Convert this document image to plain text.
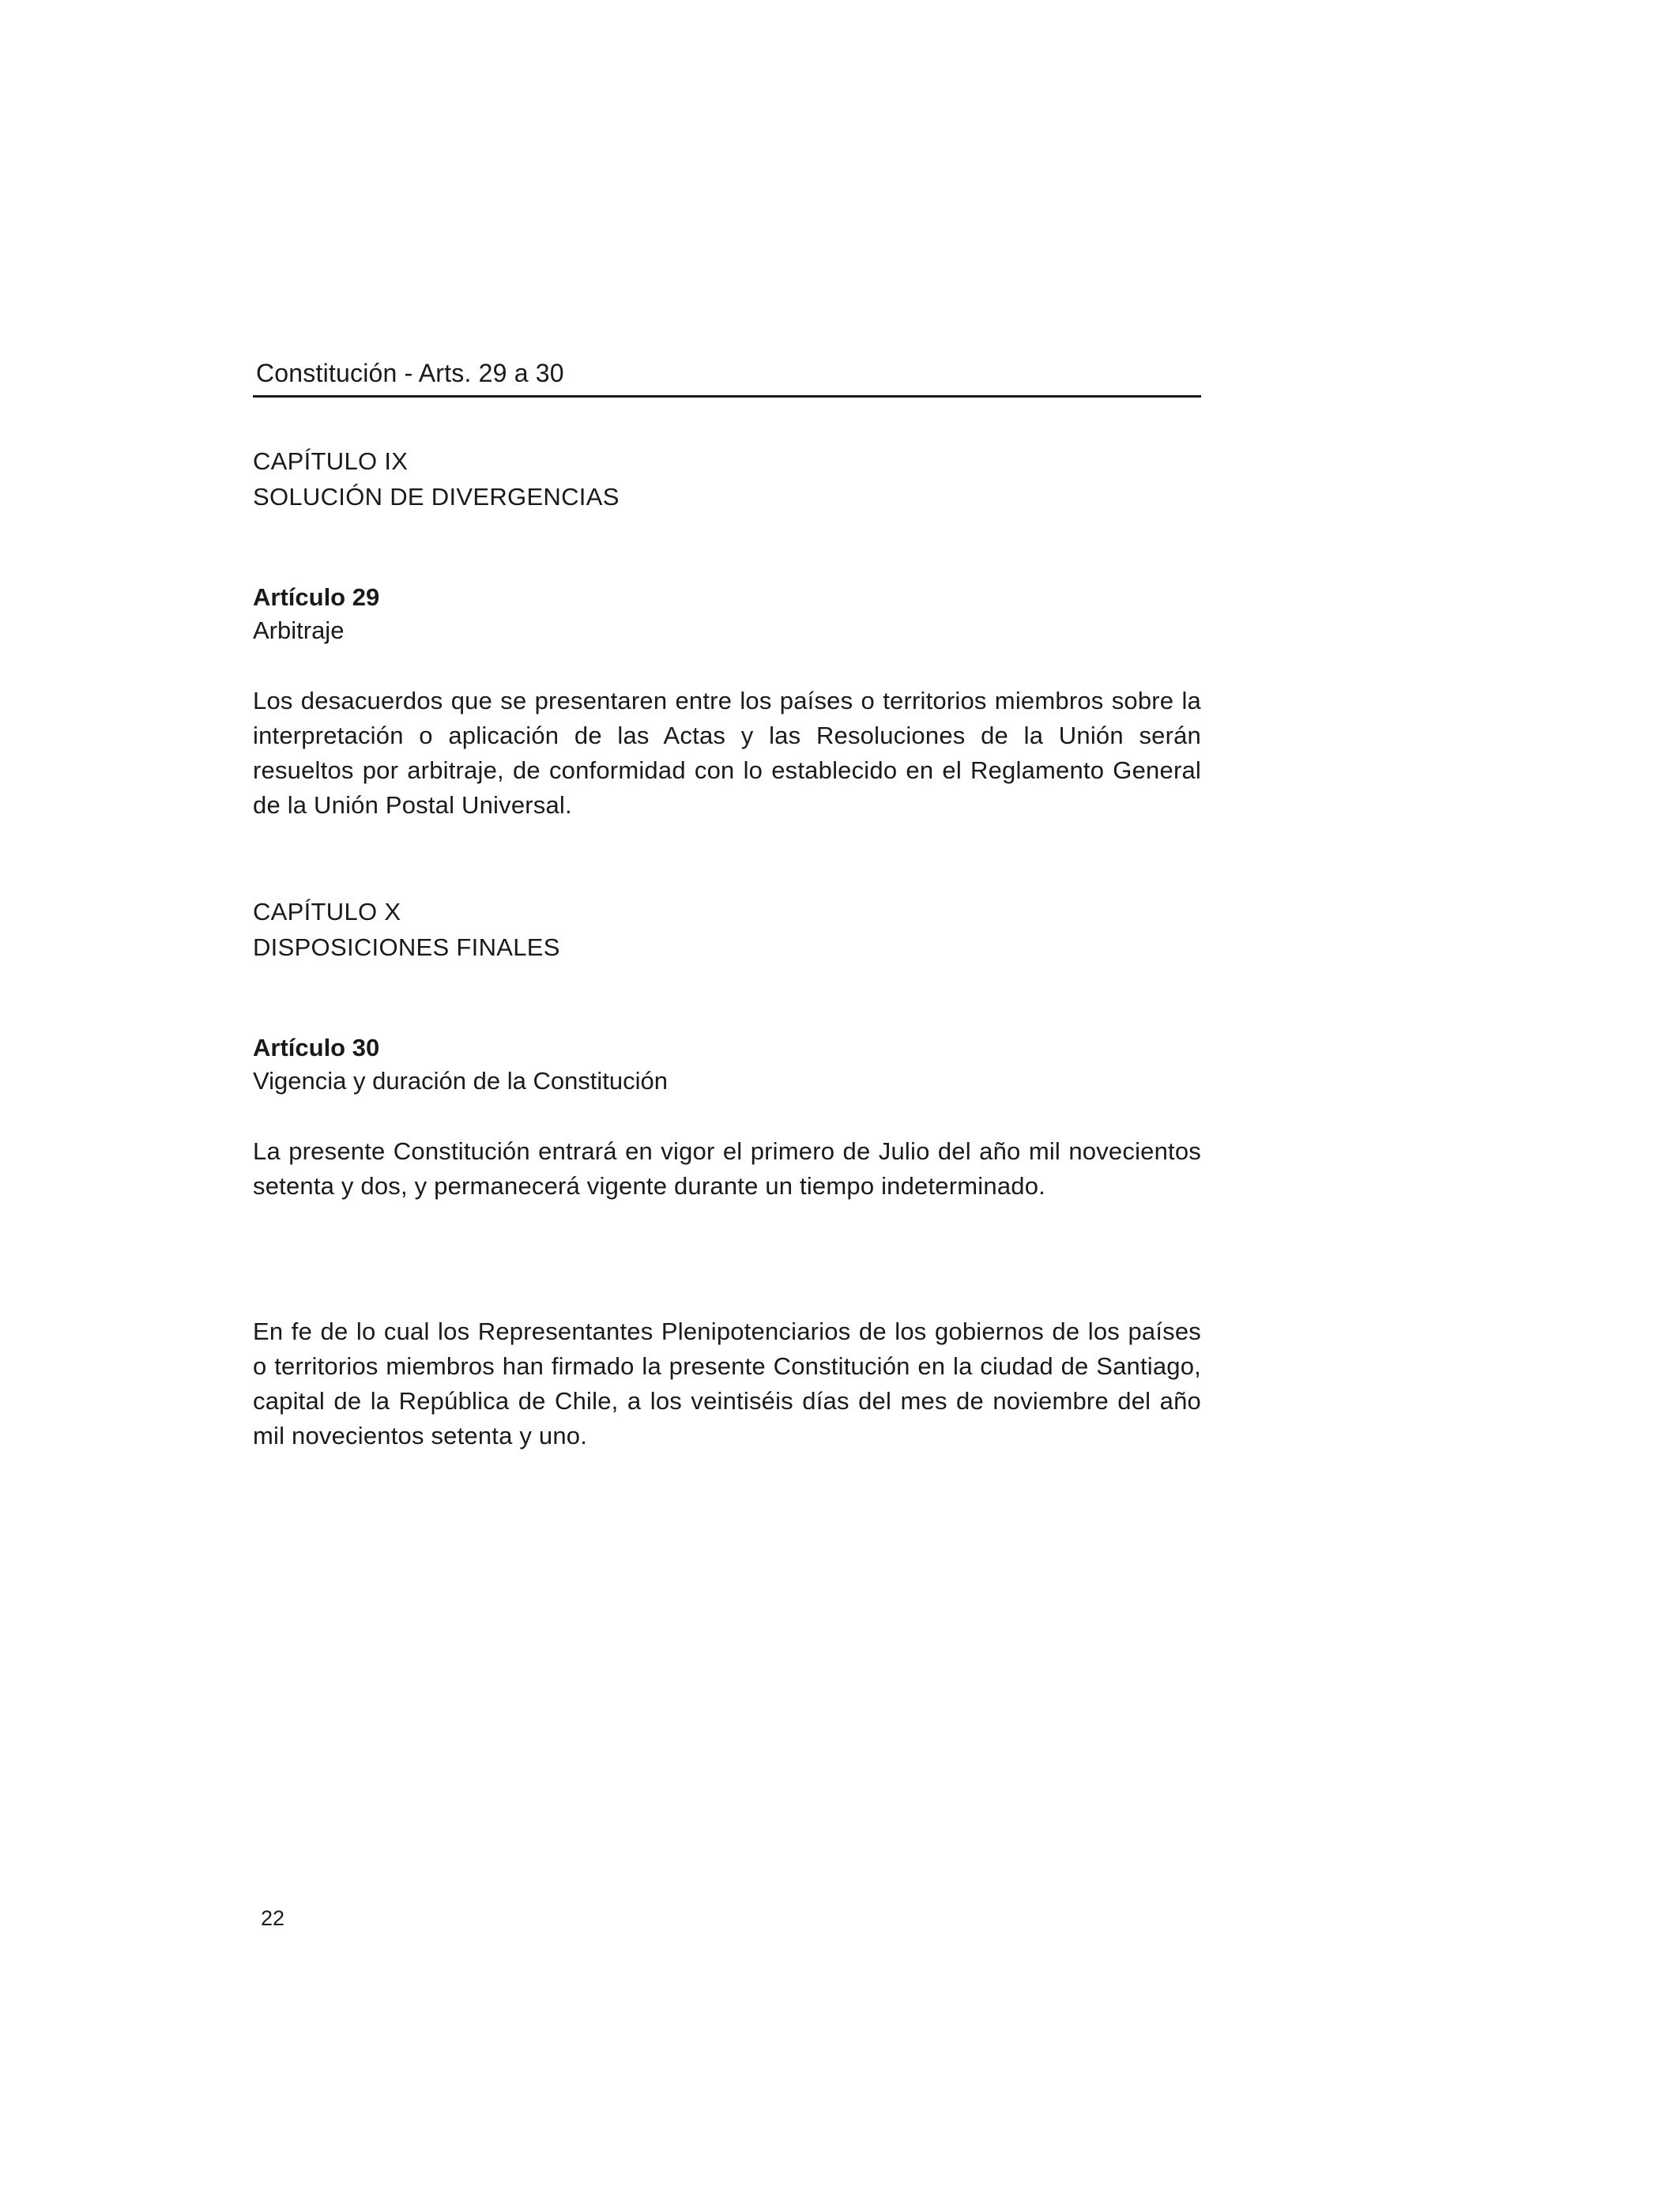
Constitución - Arts. 29 a 30
CAPÍTULO IX
SOLUCIÓN DE DIVERGENCIAS
Artículo 29
Arbitraje

Los desacuerdos que se presentaren entre los países o territorios miembros sobre la interpretación o aplicación de las Actas y las Resoluciones de la Unión serán resueltos por arbitraje, de conformidad con lo establecido en el Reglamento General de la Unión Postal Universal.

CAPÍTULO X
DISPOSICIONES FINALES
Artículo 30
Vigencia y duración de la Constitución

La presente Constitución entrará en vigor el primero de Julio del año mil novecientos setenta y dos, y permanecerá vigente durante un tiempo indeterminado.

En fe de lo cual los Representantes Plenipotenciarios de los gobiernos de los países o territorios miembros han firmado la presente Constitución en la ciudad de Santiago, capital de la República de Chile, a los veintiséis días del mes de noviembre del año mil novecientos setenta y uno.

22
